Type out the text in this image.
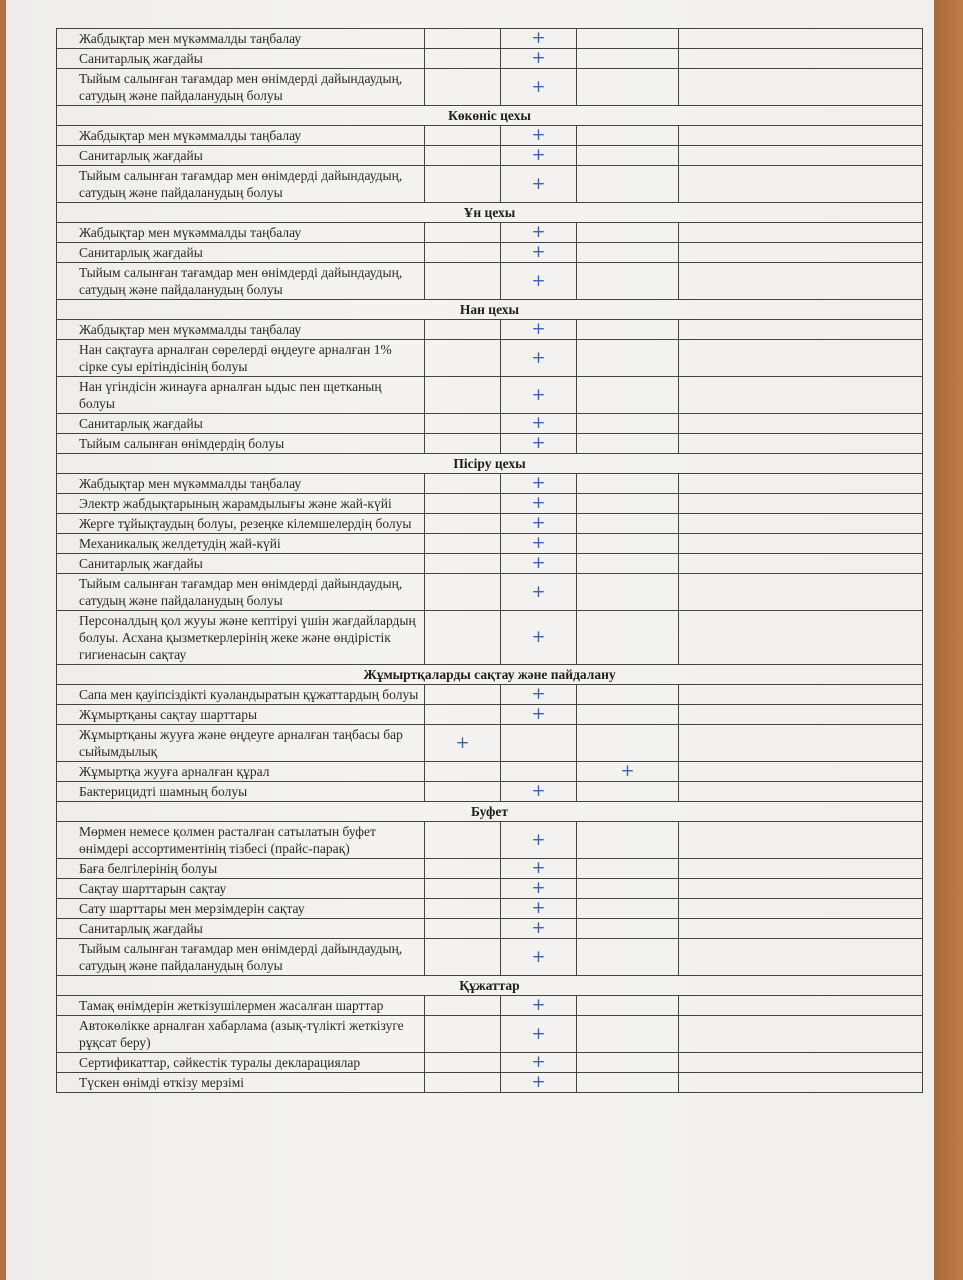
Жабдықтар мен мүкәммалды таңбалау		+			
Санитарлық жағдайы		+			
Тыйым салынған тағамдар мен өнімдерді дайындаудың, сатудың және пайдаланудың болуы		+			
Көкөніс цехы					
Жабдықтар мен мүкәммалды таңбалау		+			
Санитарлық жағдайы		+			
Тыйым салынған тағамдар мен өнімдерді дайындаудың, сатудың және пайдаланудың болуы		+			
Ұн цехы					
Жабдықтар мен мүкәммалды таңбалау		+			
Санитарлық жағдайы		+			
Тыйым салынған тағамдар мен өнімдерді дайындаудың, сатудың және пайдаланудың болуы		+			
Нан цехы					
Жабдықтар мен мүкәммалды таңбалау		+			
Нан сақтауға арналған сөрелерді өңдеуге арналған 1% сірке суы ерітіндісінің болуы		+			
Нан үгіндісін жинауға арналған ыдыс пен щетканың болуы		+			
Санитарлық жағдайы		+			
Тыйым салынған өнімдердің болуы		+			
Пісіру цехы					
Жабдықтар мен мүкәммалды таңбалау		+			
Электр жабдықтарының жарамдылығы және жай-күйі		+			
Жерге тұйықтаудың болуы, резеңке кілемшелердің болуы		+			
Механикалық желдетудің жай-күйі		+			
Санитарлық жағдайы		+			
Тыйым салынған тағамдар мен өнімдерді дайындаудың, сатудың және пайдаланудың болуы		+			
Персоналдың қол жууы және кептіруі үшін жағдайлардың болуы. Асхана қызметкерлерінің жеке және өндірістік гигиенасын сақтау		+			
Жұмыртқаларды сақтау және пайдалану					
Сапа мен қауіпсіздікті куәландыратын құжаттардың болуы		+			
Жұмыртқаны сақтау шарттары		+			
Жұмыртқаны жууға және өңдеуге арналған таңбасы бар сыйымдылық	+				
Жұмыртқа жууға арналған құрал			+		
Бактерицидті шамның болуы		+			
Буфет					
Мөрмен немесе қолмен расталған сатылатын буфет өнімдері ассортиментінің тізбесі (прайс-парақ)		+			
Баға белгілерінің болуы		+			
Сақтау шарттарын сақтау		+			
Сату шарттары мен мерзімдерін сақтау		+			
Санитарлық жағдайы		+			
Тыйым салынған тағамдар мен өнімдерді дайындаудың, сатудың және пайдаланудың болуы		+			
Құжаттар					
Тамақ өнімдерін жеткізушілермен жасалған шарттар		+			
Автокөлікке арналған хабарлама (азық-түлікті жеткізуге рұқсат беру)		+			
Сертификаттар, сәйкестік туралы декларациялар		+			
Түскен өнімді өткізу мерзімі		+			
